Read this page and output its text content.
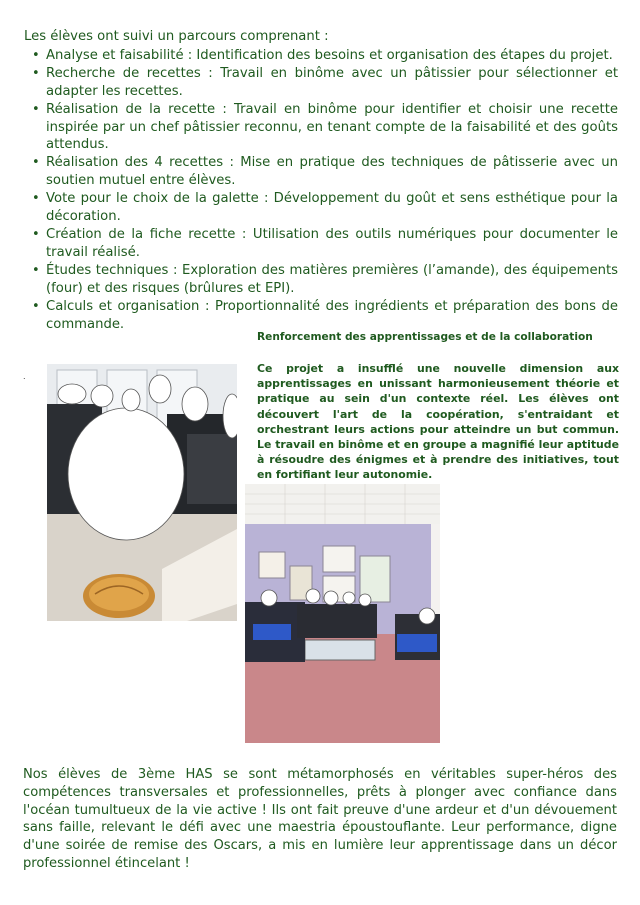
Les élèves ont suivi un parcours comprenant :
• Analyse et faisabilité : Identification des besoins et organisation des étapes du projet.
• Recherche de recettes : Travail en binôme avec un pâtissier pour sélectionner et adapter les recettes.
• Réalisation de la recette : Travail en binôme pour identifier et choisir une recette inspirée par un chef pâtissier reconnu, en tenant compte de la faisabilité et des goûts attendus.
• Réalisation des 4 recettes : Mise en pratique des techniques de pâtisserie avec un soutien mutuel entre élèves.
• Vote pour le choix de la galette : Développement du goût et sens esthétique pour la décoration.
• Création de la fiche recette : Utilisation des outils numériques pour documenter le travail réalisé.
• Études techniques : Exploration des matières premières (l’amande), des équipements (four) et des risques (brûlures et EPI).
• Calculs et organisation : Proportionnalité des ingrédients et préparation des bons de commande.
Renforcement des apprentissages et de la collaboration
Ce projet a insufflé une nouvelle dimension aux apprentissages en unissant harmonieusement théorie et pratique au sein d'un contexte réel. Les élèves ont découvert l'art de la coopération, s'entraidant et orchestrant leurs actions pour atteindre un but commun. Le travail en binôme et en groupe a magnifié leur aptitude à résoudre des énigmes et à prendre des initiatives, tout en fortifiant leur autonomie.
.
Nos élèves de 3ème HAS se sont métamorphosés en véritables super-héros des compétences transversales et professionnelles, prêts à plonger avec confiance dans l'océan tumultueux de la vie active ! Ils ont fait preuve d'une ardeur et d'un dévouement sans faille, relevant le défi avec une maestria époustouflante. Leur performance, digne d'une soirée de remise des Oscars, a mis en lumière leur apprentissage dans un décor professionnel étincelant !
